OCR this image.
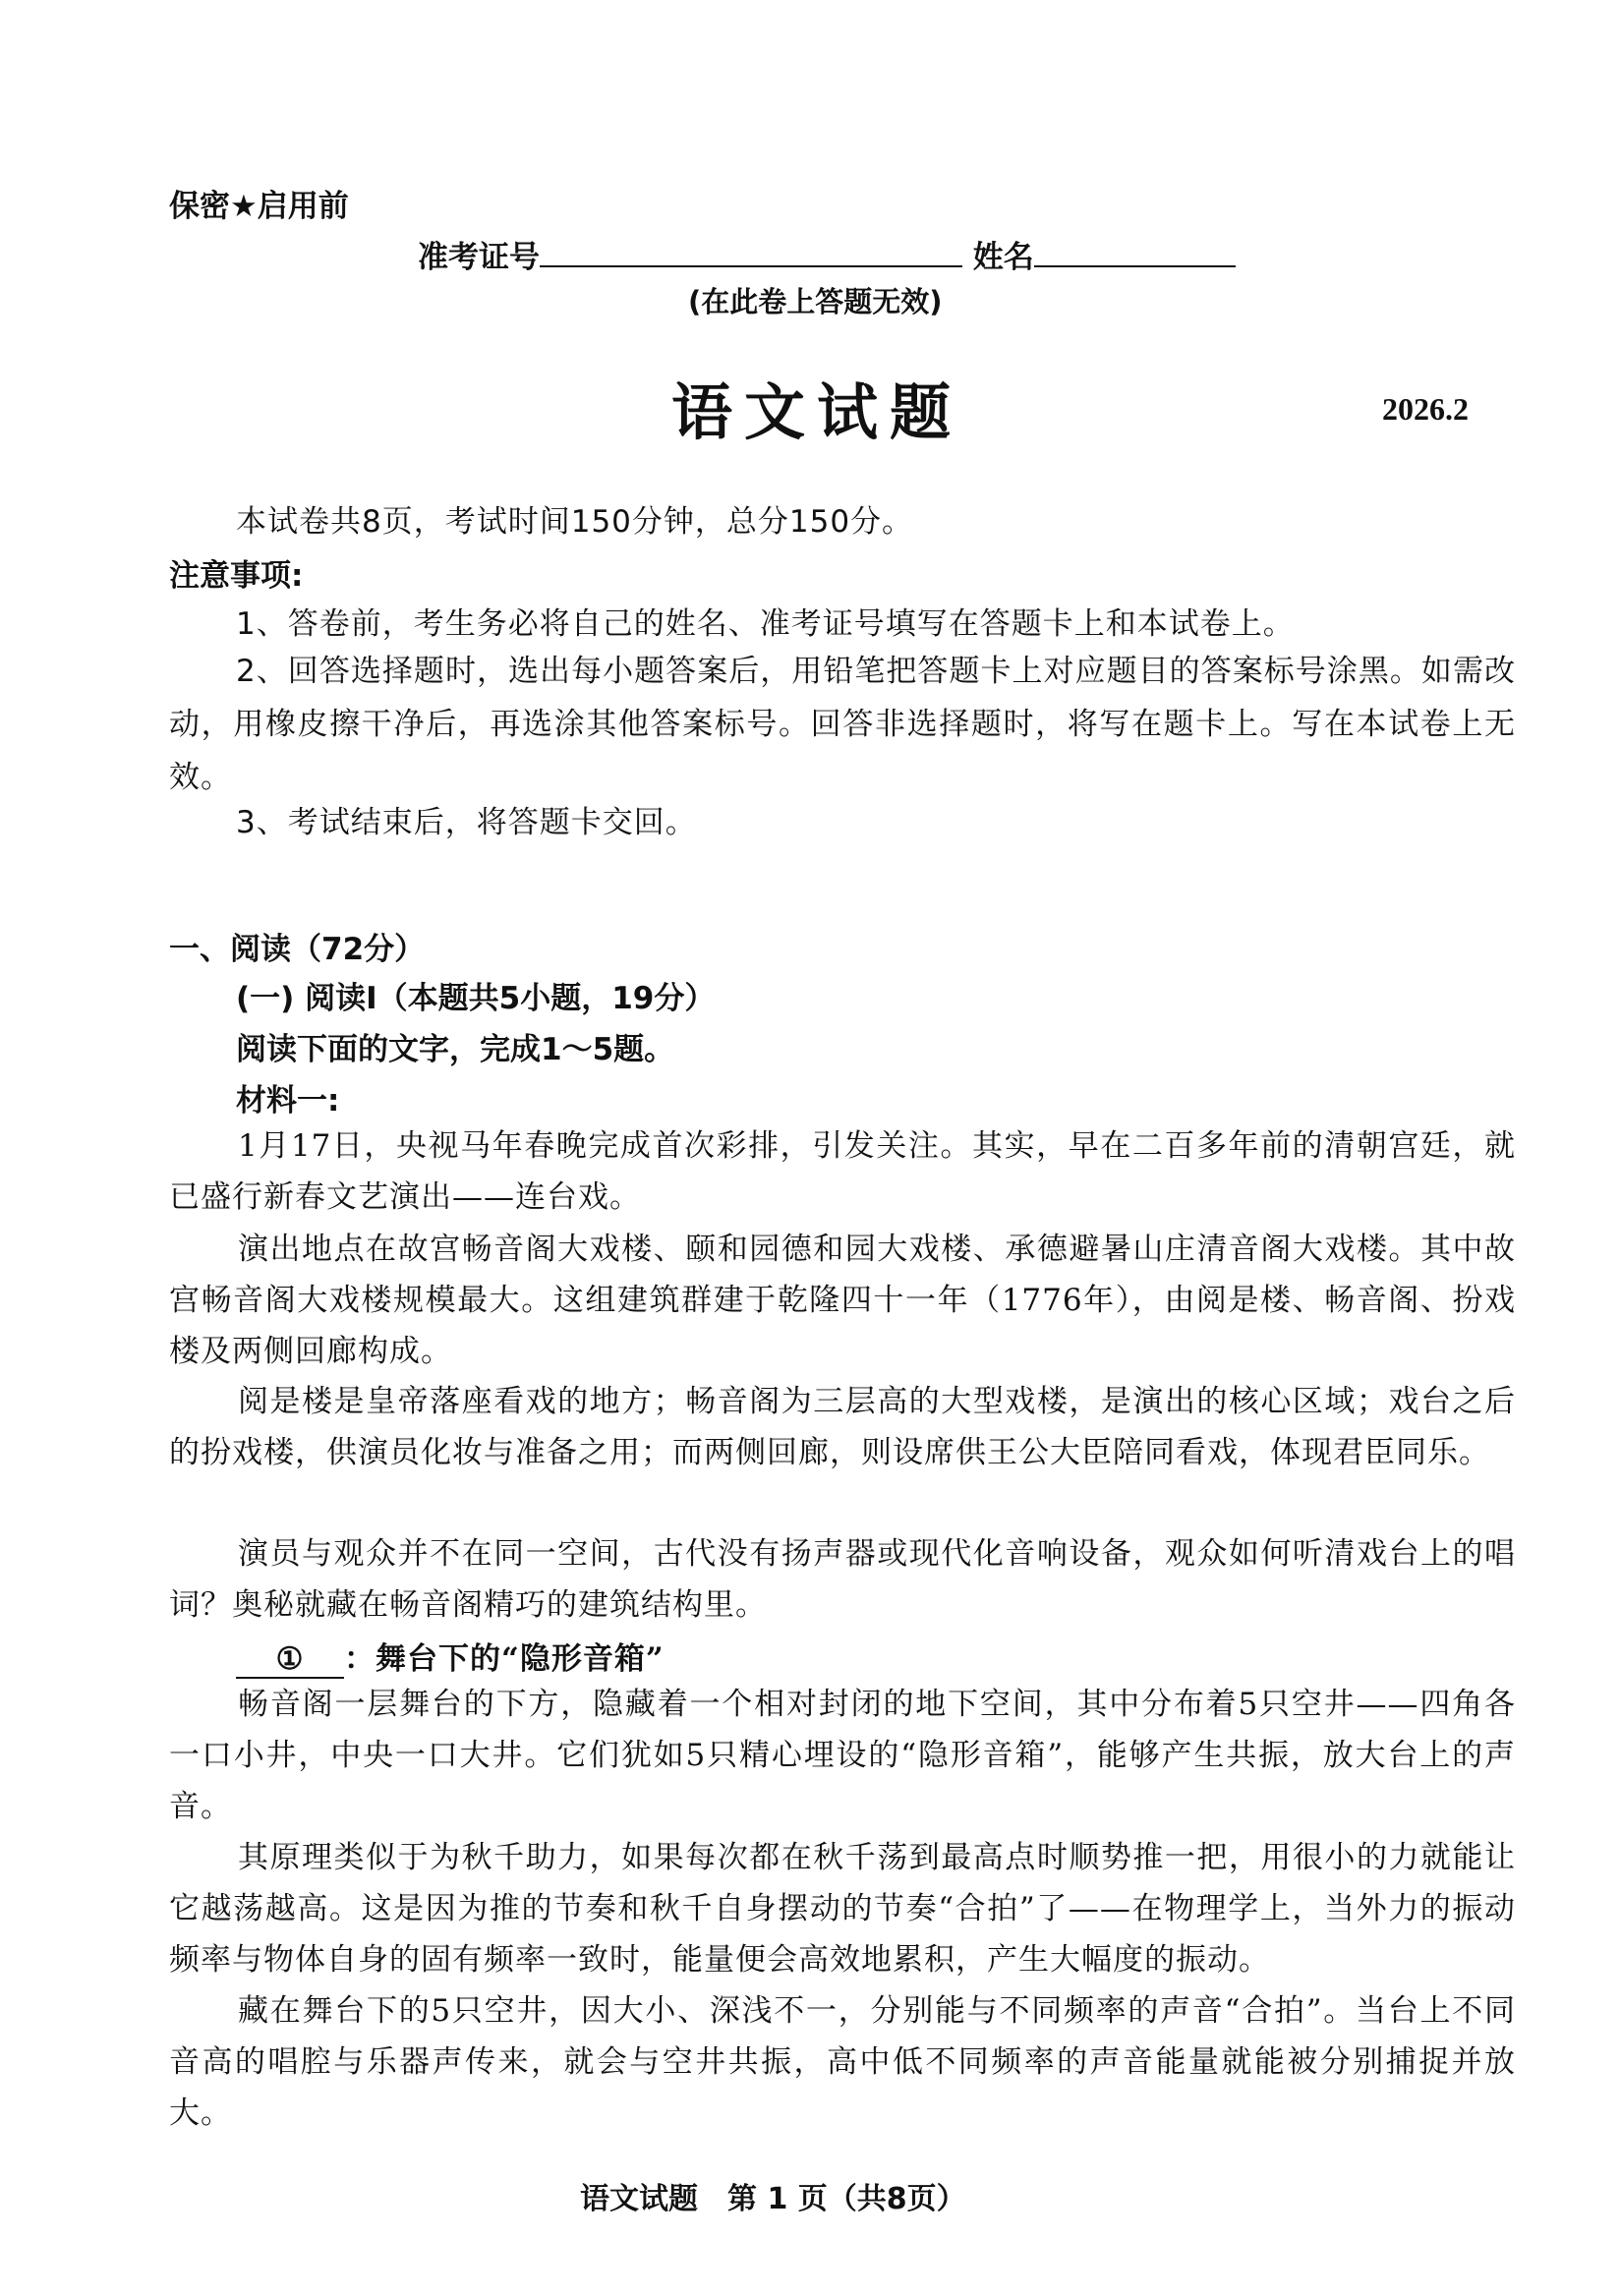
保密★启用前
准考证号	姓名
(在此卷上答题无效)
语文试题	2026.2
本试卷共8页，考试时间150分钟，总分150分。
注意事项:
1、答卷前，考生务必将自己的姓名、准考证号填写在答题卡上和本试卷上。
2、回答选择题时，选出每小题答案后，用铅笔把答题卡上对应题目的答案标号涂黑。如需改动，用橡皮擦干净后，再选涂其他答案标号。回答非选择题时，将写在题卡上。写在本试卷上无效。
3、考试结束后，将答题卡交回。
一、阅读（72分）
(一) 阅读I（本题共5小题，19分）
阅读下面的文字，完成1～5题。
材料一:
1月17日，央视马年春晚完成首次彩排，引发关注。其实，早在二百多年前的清朝宫廷，就已盛行新春文艺演出——连台戏。
演出地点在故宫畅音阁大戏楼、颐和园德和园大戏楼、承德避暑山庄清音阁大戏楼。其中故宫畅音阁大戏楼规模最大。这组建筑群建于乾隆四十一年（1776年），由阅是楼、畅音阁、扮戏楼及两侧回廊构成。
阅是楼是皇帝落座看戏的地方；畅音阁为三层高的大型戏楼，是演出的核心区域；戏台之后的扮戏楼，供演员化妆与准备之用；而两侧回廊，则设席供王公大臣陪同看戏，体现君臣同乐。
演员与观众并不在同一空间，古代没有扬声器或现代化音响设备，观众如何听清戏台上的唱词？奥秘就藏在畅音阁精巧的建筑结构里。
① ：舞台下的“隐形音箱”
畅音阁一层舞台的下方，隐藏着一个相对封闭的地下空间，其中分布着5只空井——四角各一口小井，中央一口大井。它们犹如5只精心埋设的“隐形音箱”，能够产生共振，放大台上的声音。
其原理类似于为秋千助力，如果每次都在秋千荡到最高点时顺势推一把，用很小的力就能让它越荡越高。这是因为推的节奏和秋千自身摆动的节奏“合拍”了——在物理学上，当外力的振动频率与物体自身的固有频率一致时，能量便会高效地累积，产生大幅度的振动。
藏在舞台下的5只空井，因大小、深浅不一，分别能与不同频率的声音“合拍”。当台上不同音高的唱腔与乐器声传来，就会与空井共振，高中低不同频率的声音能量就能被分别捕捉并放大。
语文试题　第 1 页（共8页）
